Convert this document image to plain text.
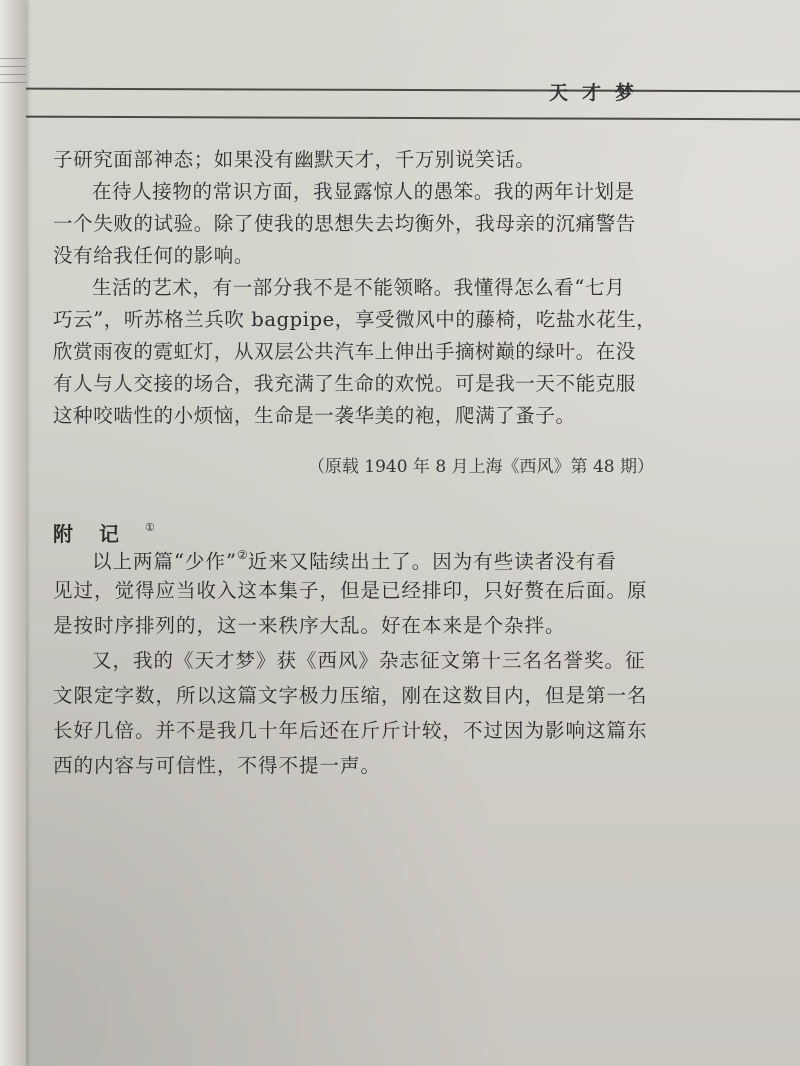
天才梦
子研究面部神态；如果没有幽默天才，千万别说笑话。
在待人接物的常识方面，我显露惊人的愚笨。我的两年计划是
一个失败的试验。除了使我的思想失去均衡外，我母亲的沉痛警告
没有给我任何的影响。
生活的艺术，有一部分我不是不能领略。我懂得怎么看“七月
巧云”，听苏格兰兵吹 bagpipe，享受微风中的藤椅，吃盐水花生，
欣赏雨夜的霓虹灯，从双层公共汽车上伸出手摘树巅的绿叶。在没
有人与人交接的场合，我充满了生命的欢悦。可是我一天不能克服
这种咬啮性的小烦恼，生命是一袭华美的袍，爬满了蚤子。
（原载 1940 年 8 月上海《西风》第 48 期）
附记①
以上两篇“少作”②近来又陆续出土了。因为有些读者没有看
见过，觉得应当收入这本集子，但是已经排印，只好赘在后面。原
是按时序排列的，这一来秩序大乱。好在本来是个杂拌。
又，我的《天才梦》获《西风》杂志征文第十三名名誉奖。征
文限定字数，所以这篇文字极力压缩，刚在这数目内，但是第一名
长好几倍。并不是我几十年后还在斤斤计较，不过因为影响这篇东
西的内容与可信性，不得不提一声。
